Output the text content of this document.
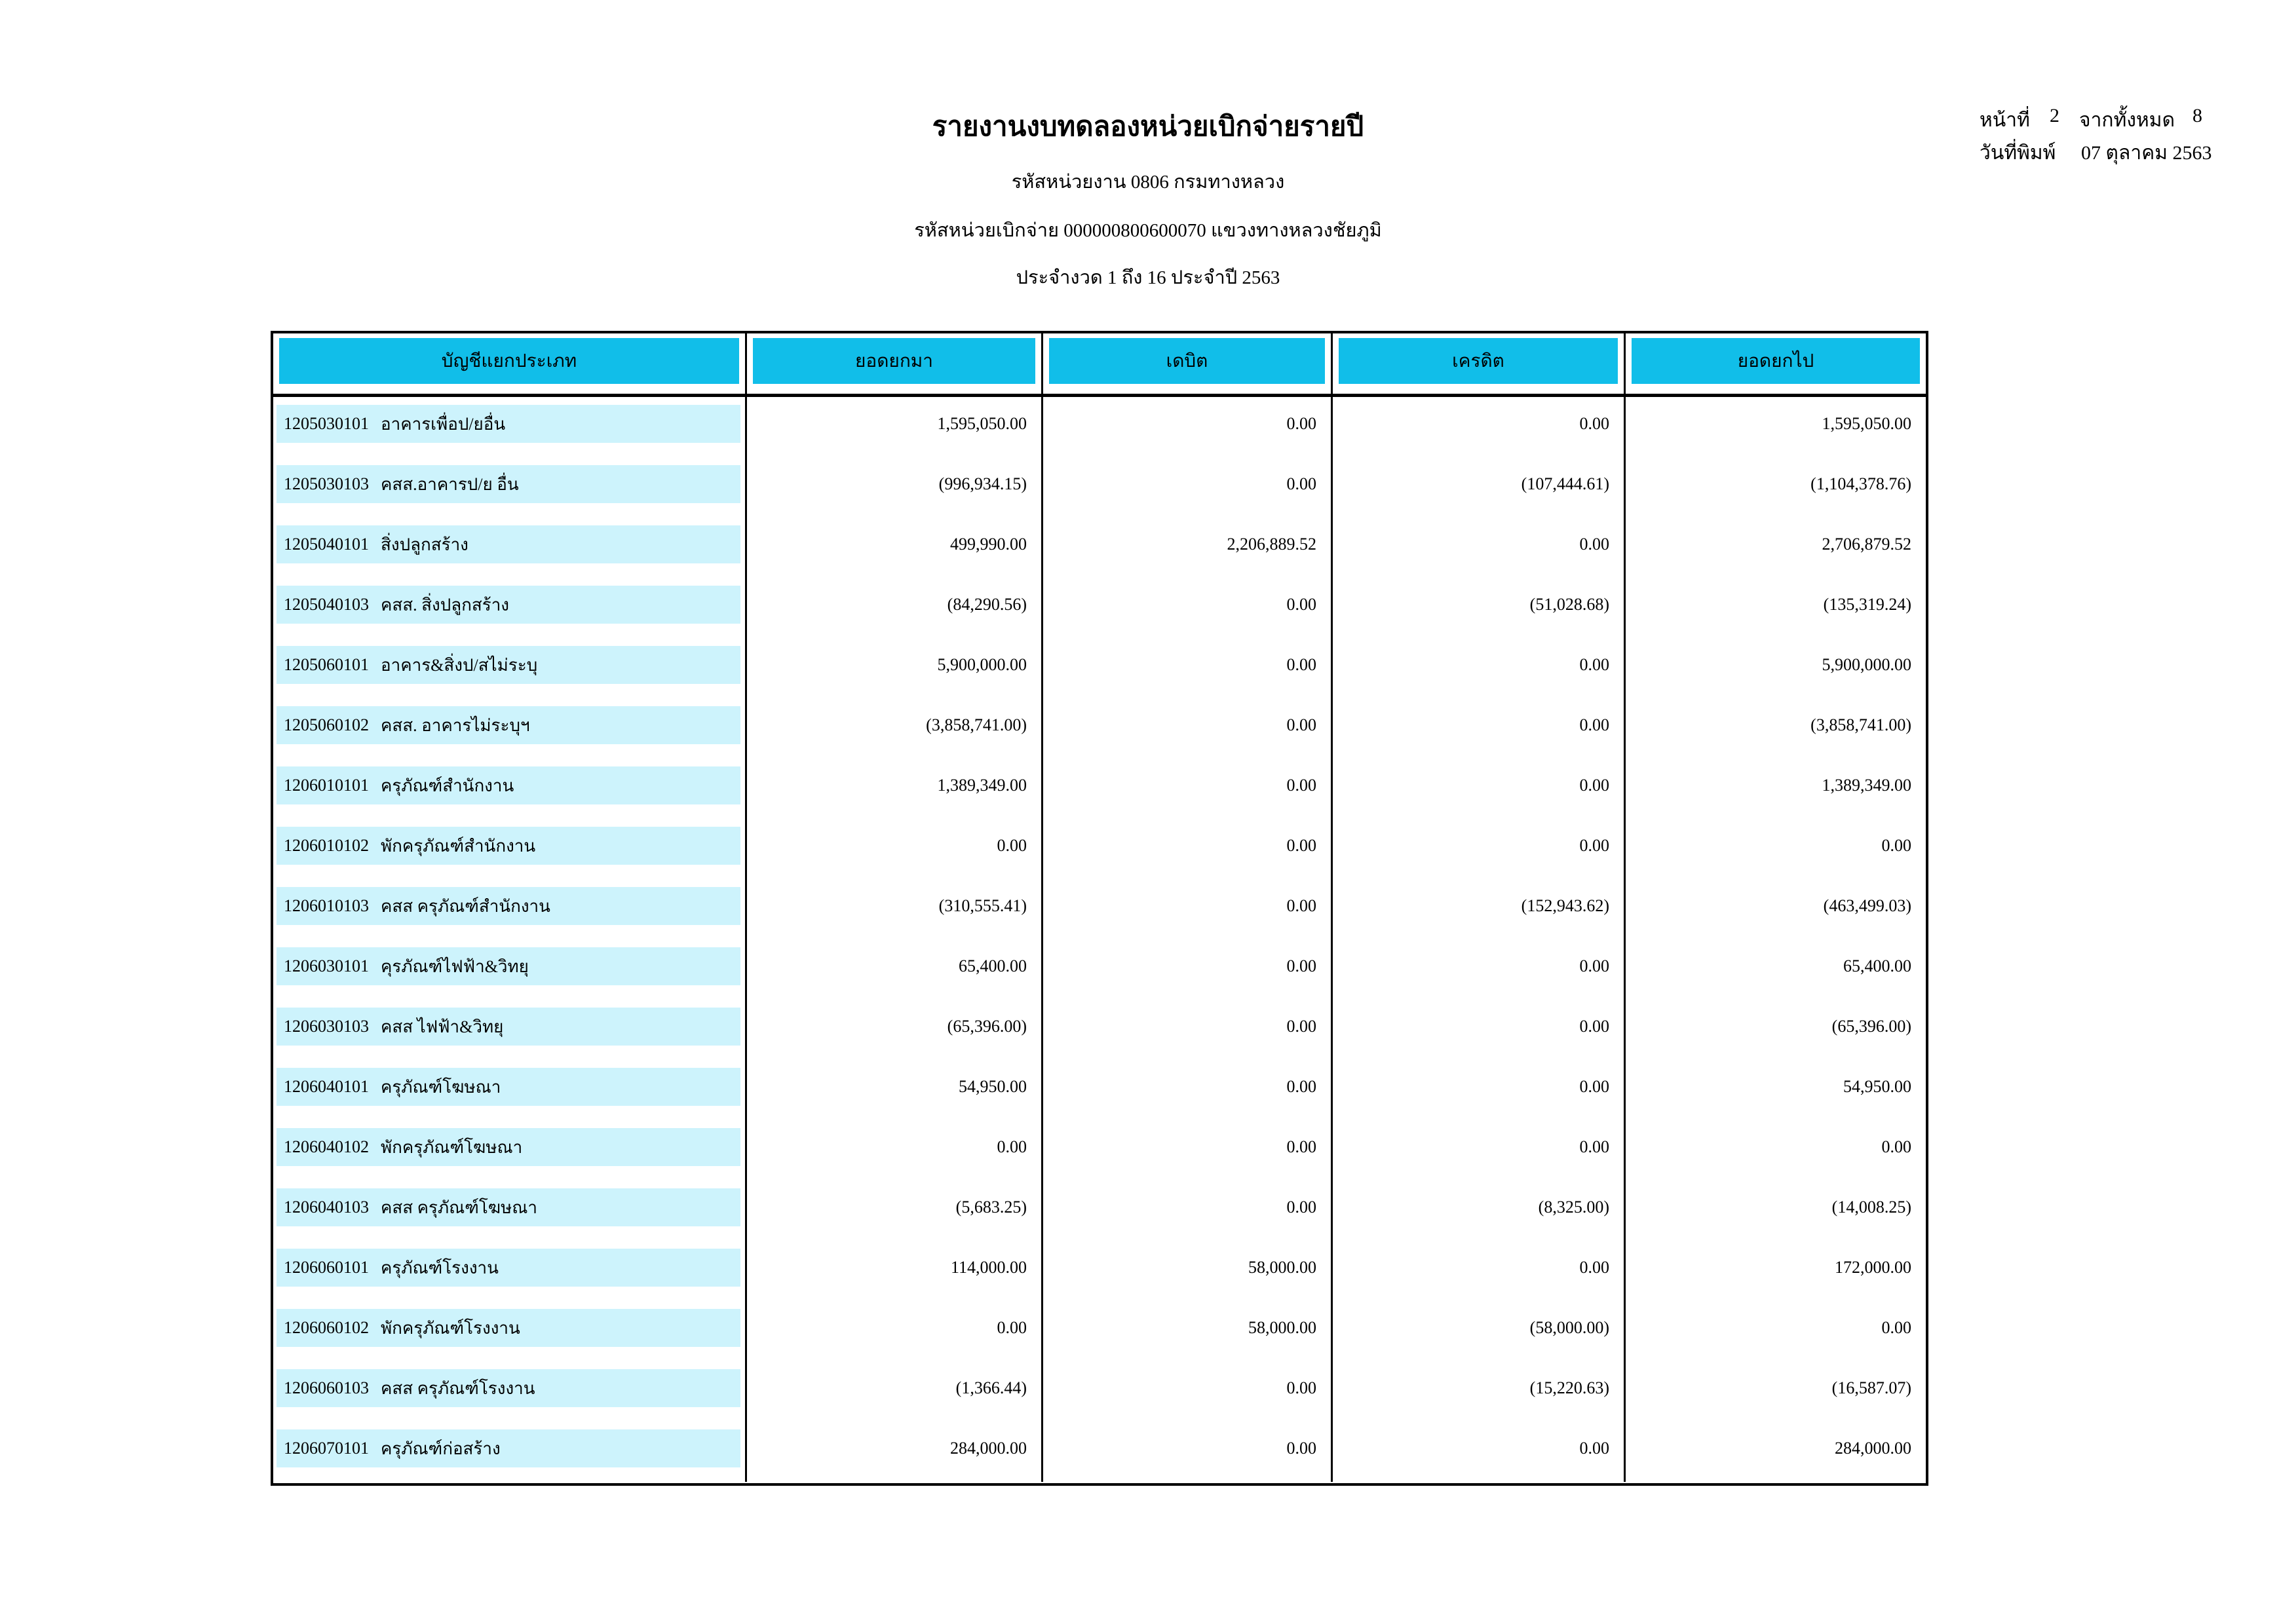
รายงานงบทดลองหน่วยเบิกจ่ายรายปี
รหัสหน่วยงาน 0806 กรมทางหลวง
รหัสหน่วยเบิกจ่าย 000000800600070 แขวงทางหลวงชัยภูมิ
ประจำงวด 1 ถึง 16 ประจำปี 2563
หน้าที่ 2 จากทั้งหมด 8
วันที่พิมพ์ 07 ตุลาคม 2563
บัญชีแยกประเภท	ยอดยกมา	เดบิต	เครดิต	ยอดยกไป
1205030101 อาคารเพื่อป/ยอื่น	1,595,050.00	0.00	0.00	1,595,050.00
1205030103 คสส.อาคารป/ย อื่น	(996,934.15)	0.00	(107,444.61)	(1,104,378.76)
1205040101 สิ่งปลูกสร้าง	499,990.00	2,206,889.52	0.00	2,706,879.52
1205040103 คสส. สิ่งปลูกสร้าง	(84,290.56)	0.00	(51,028.68)	(135,319.24)
1205060101 อาคาร&สิ่งป/สไม่ระบุ	5,900,000.00	0.00	0.00	5,900,000.00
1205060102 คสส. อาคารไม่ระบุฯ	(3,858,741.00)	0.00	0.00	(3,858,741.00)
1206010101 ครุภัณฑ์สำนักงาน	1,389,349.00	0.00	0.00	1,389,349.00
1206010102 พักครุภัณฑ์สำนักงาน	0.00	0.00	0.00	0.00
1206010103 คสส ครุภัณฑ์สำนักงาน	(310,555.41)	0.00	(152,943.62)	(463,499.03)
1206030101 คุรภัณฑ์ไฟฟ้า&วิทยุ	65,400.00	0.00	0.00	65,400.00
1206030103 คสส ไฟฟ้า&วิทยุ	(65,396.00)	0.00	0.00	(65,396.00)
1206040101 ครุภัณฑ์โฆษณา	54,950.00	0.00	0.00	54,950.00
1206040102 พักครุภัณฑ์โฆษณา	0.00	0.00	0.00	0.00
1206040103 คสส ครุภัณฑ์โฆษณา	(5,683.25)	0.00	(8,325.00)	(14,008.25)
1206060101 ครุภัณฑ์โรงงาน	114,000.00	58,000.00	0.00	172,000.00
1206060102 พักครุภัณฑ์โรงงาน	0.00	58,000.00	(58,000.00)	0.00
1206060103 คสส ครุภัณฑ์โรงงาน	(1,366.44)	0.00	(15,220.63)	(16,587.07)
1206070101 ครุภัณฑ์ก่อสร้าง	284,000.00	0.00	0.00	284,000.00
